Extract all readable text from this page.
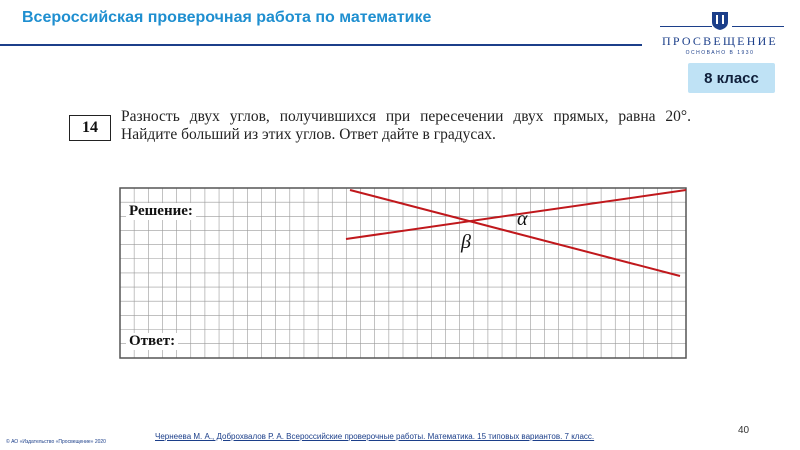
Всероссийская проверочная работа по математике
ПРОСВЕЩЕНИЕ
ОСНОВАНО В 1930
8 класс
14
Разность двух углов, получившихся при пересечении двух прямых, равна 20°. Найдите больший из этих углов. Ответ дайте в градусах.
Решение:
Ответ:
α
β
© АО «Издательство «Просвещение» 2020
Чернеева М. А., Доброхвалов Р. А. Всероссийские проверочные работы. Математика. 15 типовых вариантов. 7 класс.
40
